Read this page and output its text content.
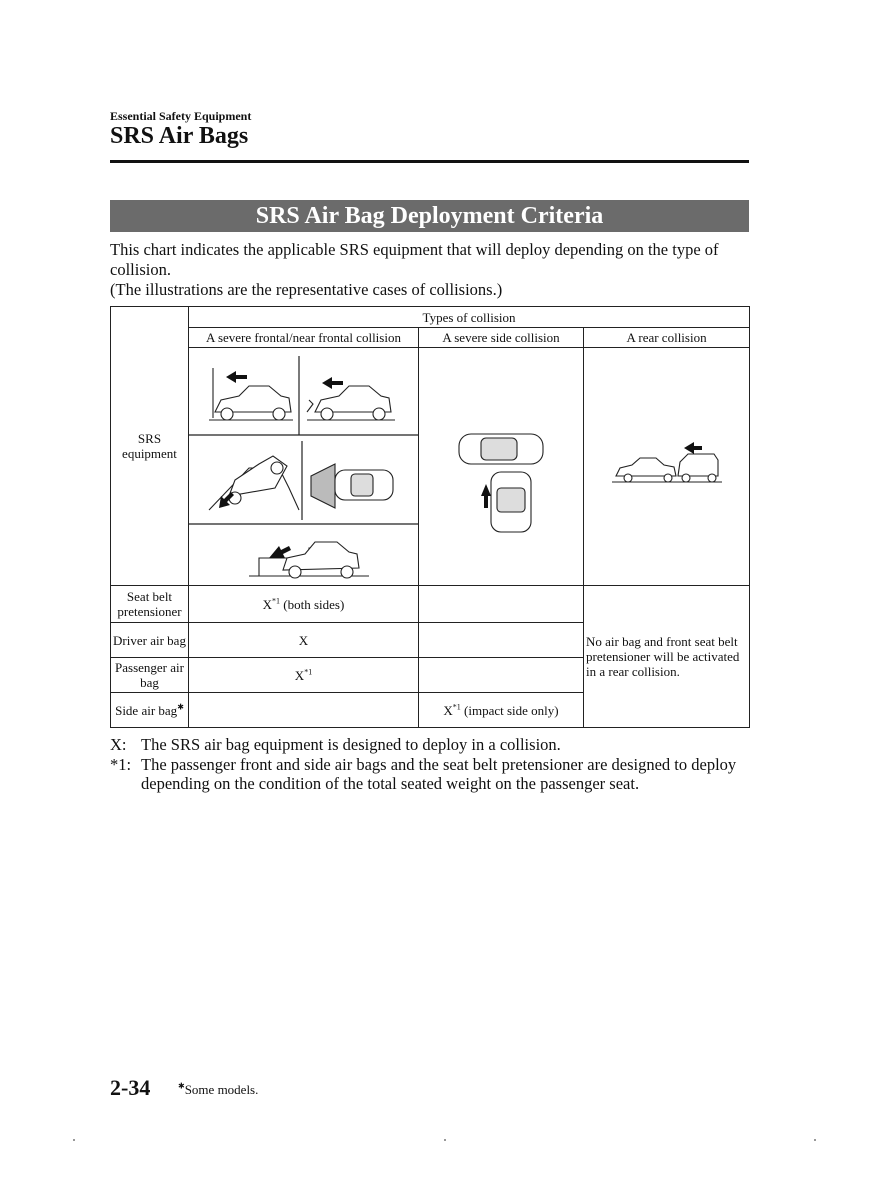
Essential Safety Equipment
SRS Air Bags
SRS Air Bag Deployment Criteria
This chart indicates the applicable SRS equipment that will deploy depending on the type of collision.
(The illustrations are the representative cases of collisions.)
SRS equipment	Types of collision		
	A severe frontal/near frontal collision	A severe side collision	A rear collision

Seat belt pretensioner	$X^{*1}$ (both sides)		No air bag and front seat belt pretensioner will be activated in a rear collision.
Driver air bag	X		
Passenger air bag	$X^{*1}$	
Side air bag✱		$X^{*1}$ (impact side only)	
X: The SRS air bag equipment is designed to deploy in a collision.
*1: The passenger front and side air bags and the seat belt pretensioner are designed to deploy depending on the condition of the total seated weight on the passenger seat.
2-34	✱Some models.
